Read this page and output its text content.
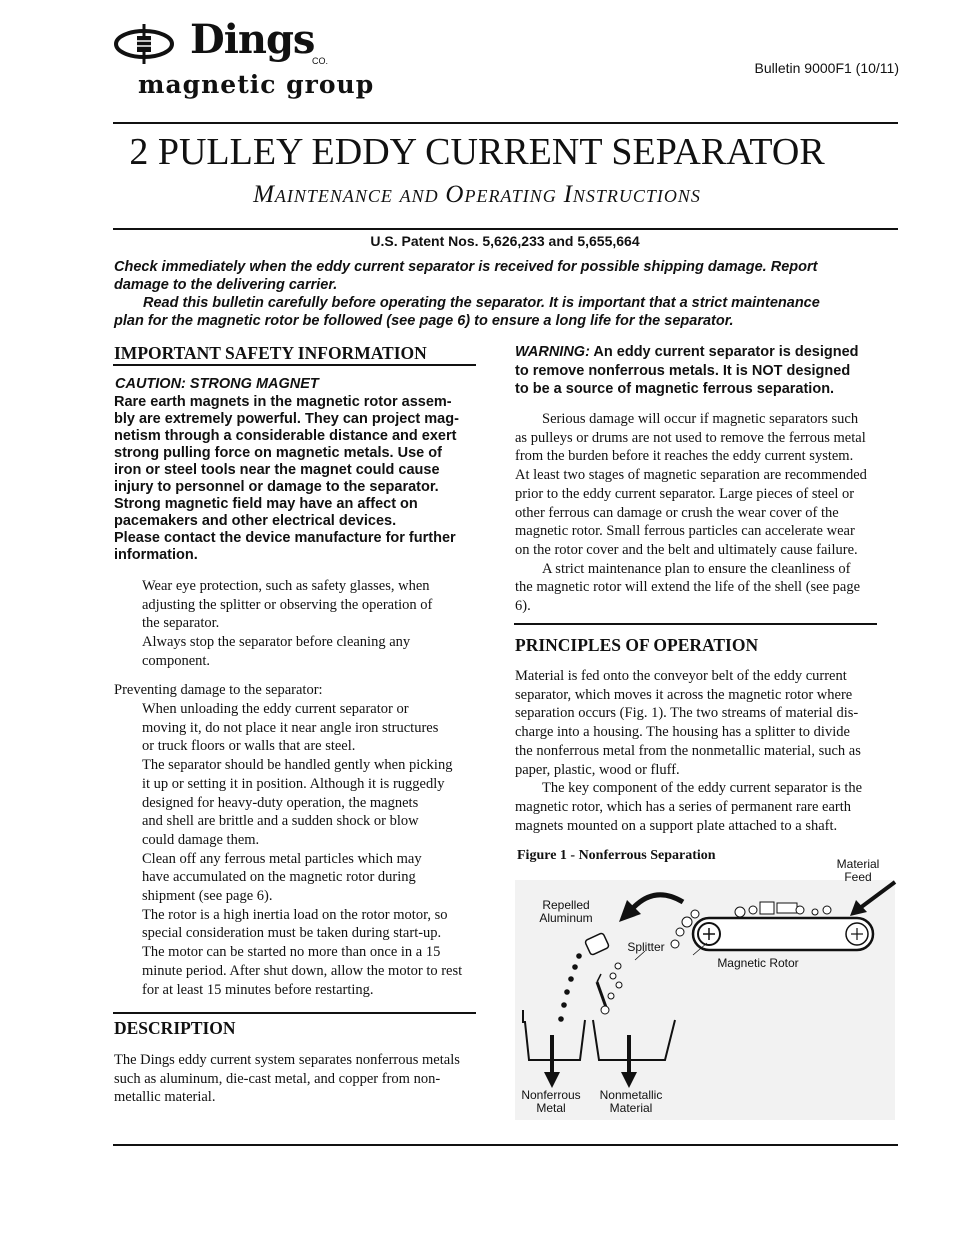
Dings
CO.
magnetic group
Bulletin 9000F1 (10/11)
2 PULLEY EDDY CURRENT SEPARATOR
MAINTENANCE AND OPERATING INSTRUCTIONS
U.S. Patent Nos. 5,626,233 and 5,655,664
Check immediately when the eddy current separator is received for possible shipping damage. Report
damage to the delivering carrier.
Read this bulletin carefully before operating the separator. It is important that a strict maintenance
plan for the magnetic rotor be followed (see page 6) to ensure a long life for the separator.
IMPORTANT SAFETY INFORMATION
CAUTION: STRONG MAGNET
Rare earth magnets in the magnetic rotor assem-
bly are extremely powerful. They can project mag-
netism through a considerable distance and exert
strong pulling force on magnetic metals. Use of
iron or steel tools near the magnet could cause
injury to personnel or damage to the separator.
Strong magnetic field may have an affect on
pacemakers and other electrical devices.
Please contact the device manufacture for further
information.
Wear eye protection, such as safety glasses, when
adjusting the splitter or observing the operation of
the separator.
Always stop the separator before cleaning any
component.
Preventing damage to the separator:
When unloading the eddy current separator or
moving it, do not place it near angle iron structures
or truck floors or walls that are steel.
The separator should be handled gently when picking
it up or setting it in position. Although it is ruggedly
designed for heavy-duty operation, the magnets
and shell are brittle and a sudden shock or blow
could damage them.
Clean off any ferrous metal particles which may
have accumulated on the magnetic rotor during
shipment (see page 6).
The rotor is a high inertia load on the rotor motor, so
special consideration must be taken during start-up.
The motor can be started no more than once in a 15
minute period. After shut down, allow the motor to rest
for at least 15 minutes before restarting.
DESCRIPTION
The Dings eddy current system separates nonferrous metals
such as aluminum, die-cast metal, and copper from non-
metallic material.
WARNING: An eddy current separator is designed
to remove nonferrous metals. It is NOT designed
to be a source of magnetic ferrous separation.
Serious damage will occur if magnetic separators such
as pulleys or drums are not used to remove the ferrous metal
from the burden before it reaches the eddy current system.
At least two stages of magnetic separation are recommended
prior to the eddy current separator. Large pieces of steel or
other ferrous can damage or crush the wear cover of the
magnetic rotor. Small ferrous particles can accelerate wear
on the rotor cover and the belt and ultimately cause failure.
A strict maintenance plan to ensure the cleanliness of
the magnetic rotor will extend the life of the shell (see page
6).
PRINCIPLES OF OPERATION
Material is fed onto the conveyor belt of the eddy current
separator, which moves it across the magnetic rotor where
separation occurs (Fig. 1). The two streams of material dis-
charge into a housing. The housing has a splitter to divide
the nonferrous metal from the nonmetallic material, such as
paper, plastic, wood or fluff.
The key component of the eddy current separator is the
magnetic rotor, which has a series of permanent rare earth
magnets mounted on a support plate attached to a shaft.
Figure 1 - Nonferrous Separation
Material
Feed
Repelled
Aluminum
Splitter
Magnetic Rotor
Nonferrous
Metal
Nonmetallic
Material
